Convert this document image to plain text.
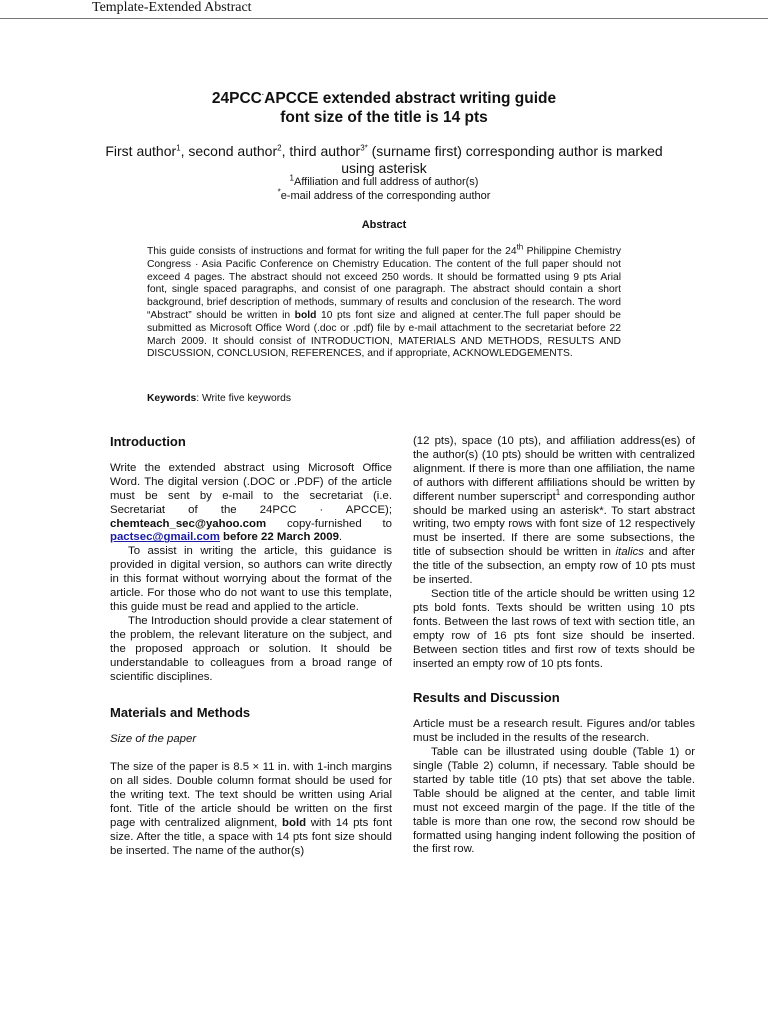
Template-Extended Abstract
24PCC·APCCE extended abstract writing guide
font size of the title is 14 pts
First author$^1$, second author$^2$, third author$^{3*}$ (surname first) corresponding author is marked using asterisk
$^1$Affiliation and full address of author(s)
*e-mail address of the corresponding author
Abstract
This guide consists of instructions and format for writing the full paper for the 24th Philippine Chemistry Congress · Asia Pacific Conference on Chemistry Education. The content of the full paper should not exceed 4 pages. The abstract should not exceed 250 words. It should be formatted using 9 pts Arial font, single spaced paragraphs, and consist of one paragraph. The abstract should contain a short background, brief description of methods, summary of results and conclusion of the research. The word “Abstract” should be written in bold 10 pts font size and aligned at center.The full paper should be submitted as Microsoft Office Word (.doc or .pdf) file by e-mail attachment to the secretariat before 22 March 2009. It should consist of INTRODUCTION, MATERIALS AND METHODS, RESULTS AND DISCUSSION, CONCLUSION, REFERENCES, and if appropriate, ACKNOWLEDGEMENTS.
Keywords: Write five keywords

Introduction

Write the extended abstract using Microsoft Office Word. The digital version (.DOC or .PDF) of the article must be sent by e-mail to the secretariat (i.e. Secretariat of the 24PCC · APCCE); chemteach_sec@yahoo.com copy-furnished to pactsec@gmail.com before 22 March 2009.

To assist in writing the article, this guidance is provided in digital version, so authors can write directly in this format without worrying about the format of the article. For those who do not want to use this template, this guide must be read and applied to the article.

The Introduction should provide a clear statement of the problem, the relevant literature on the subject, and the proposed approach or solution. It should be understandable to colleagues from a broad range of scientific disciplines.

Materials and Methods

Size of the paper

The size of the paper is 8.5 × 11 in. with 1-inch margins on all sides. Double column format should be used for the writing text. The text should be written using Arial font. Title of the article should be written on the first page with centralized alignment, bold with 14 pts font size. After the title, a space with 14 pts font size should be inserted. The name of the author(s)

(12 pts), space (10 pts), and affiliation address(es) of the author(s) (10 pts) should be written with centralized alignment. If there is more than one affiliation, the name of authors with different affiliations should be written by different number superscript$^1$ and corresponding author should be marked using an asterisk*. To start abstract writing, two empty rows with font size of 12 respectively must be inserted. If there are some subsections, the title of subsection should be written in italics and after the title of the subsection, an empty row of 10 pts must be inserted.

Section title of the article should be written using 12 pts bold fonts. Texts should be written using 10 pts fonts. Between the last rows of text with section title, an empty row of 16 pts font size should be inserted. Between section titles and first row of texts should be inserted an empty row of 10 pts fonts.

Results and Discussion

Article must be a research result. Figures and/or tables must be included in the results of the research.

Table can be illustrated using double (Table 1) or single (Table 2) column, if necessary. Table should be started by table title (10 pts) that set above the table. Table should be aligned at the center, and table limit must not exceed margin of the page. If the title of the table is more than one row, the second row should be formatted using hanging indent following the position of the first row.
